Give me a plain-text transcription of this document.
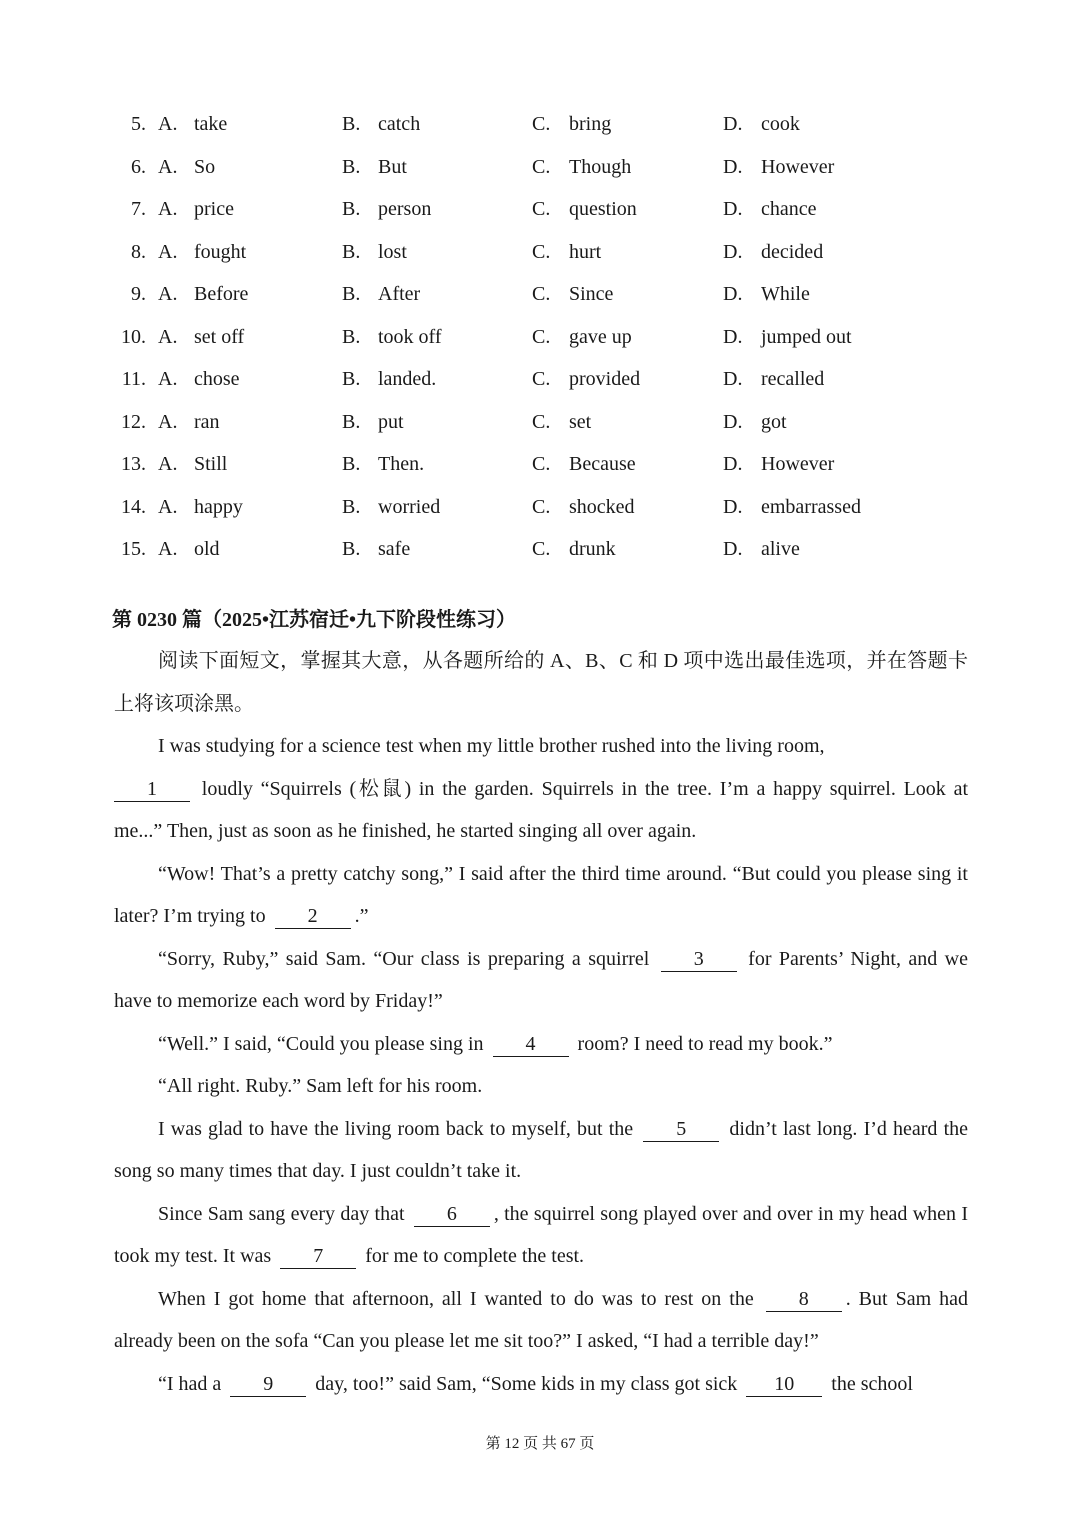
5. A. take	B. catch	C. bring	D. cook
6. A. So	B. But	C. Though	D. However
7. A. price	B. person	C. question	D. chance
8. A. fought	B. lost	C. hurt	D. decided
9. A. Before	B. After	C. Since	D. While
10. A. set off	B. took off	C. gave up	D. jumped out
11. A. chose	B. landed.	C. provided	D. recalled
12. A. ran	B. put	C. set	D. got
13. A. Still	B. Then.	C. Because	D. However
14. A. happy	B. worried	C. shocked	D. embarrassed
15. A. old	B. safe	C. drunk	D. alive
第 0230 篇（2025•江苏宿迁•九下阶段性练习）

阅读下面短文，掌握其大意，从各题所给的 A、B、C 和 D 项中选出最佳选项，并在答题卡上将该项涂黑。

I was studying for a science test when my little brother rushed into the living room,
1 loudly “Squirrels (松鼠) in the garden. Squirrels in the tree. I’m a happy squirrel. Look at me...” Then, just as soon as he finished, he started singing all over again.

“Wow! That’s a pretty catchy song,” I said after the third time around. “But could you please sing it later? I’m trying to 2 .”

“Sorry, Ruby,” said Sam. “Our class is preparing a squirrel 3 for Parents’ Night, and we have to memorize each word by Friday!”

“Well.” I said, “Could you please sing in 4 room? I need to read my book.”

“All right. Ruby.” Sam left for his room.

I was glad to have the living room back to myself, but the 5 didn’t last long. I’d heard the song so many times that day. I just couldn’t take it.

Since Sam sang every day that 6 , the squirrel song played over and over in my head when I took my test. It was 7 for me to complete the test.

When I got home that afternoon, all I wanted to do was to rest on the 8 . But Sam had already been on the sofa “Can you please let me sit too?” I asked, “I had a terrible day!”

“I had a 9 day, too!” said Sam, “Some kids in my class got sick 10 the school

第 12 页 共 67 页
